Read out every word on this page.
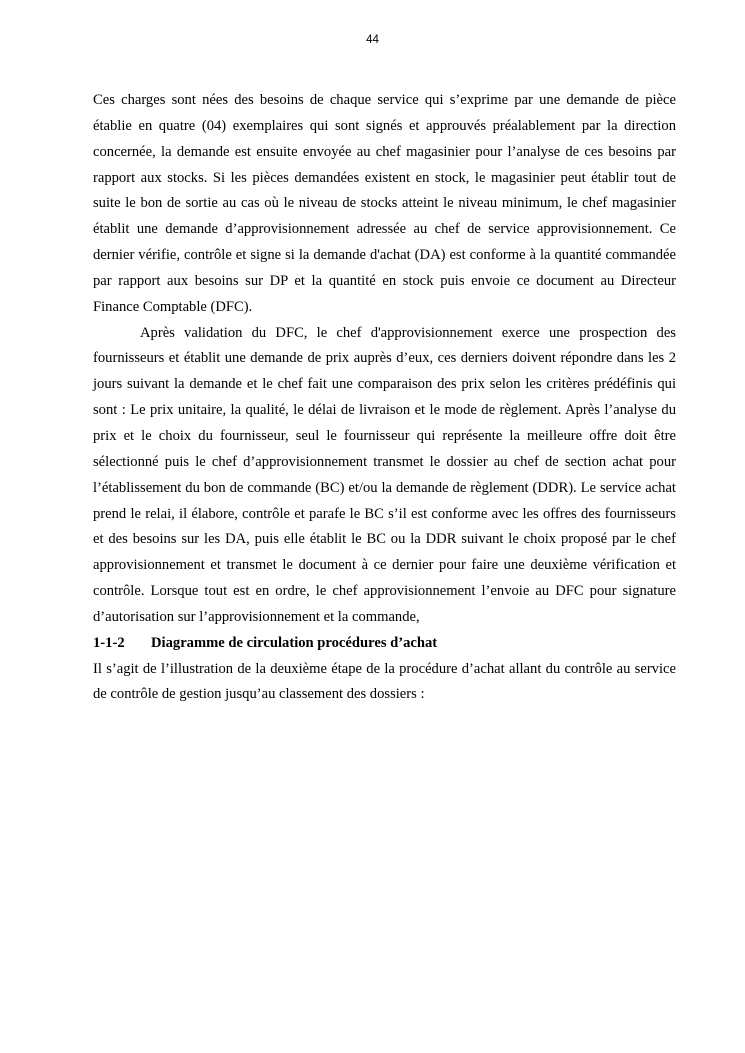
44

Ces charges sont nées des besoins de chaque service qui s’exprime par une demande de pièce établie en quatre (04) exemplaires qui sont signés et approuvés préalablement par la direction concernée, la demande est ensuite envoyée au chef magasinier pour l’analyse de ces besoins par rapport aux stocks. Si les pièces demandées existent en stock, le magasinier peut établir tout de suite le bon de sortie au cas où le niveau de stocks atteint le niveau minimum, le chef magasinier établit une demande d’approvisionnement adressée au chef de service approvisionnement. Ce dernier vérifie, contrôle et signe si la demande d'achat (DA) est conforme à la quantité commandée par rapport aux besoins sur DP et la quantité en stock puis envoie ce document au Directeur Finance Comptable (DFC).

Après validation du DFC, le chef d'approvisionnement exerce une prospection des fournisseurs et établit une demande de prix auprès d’eux, ces derniers doivent répondre dans les 2 jours suivant la demande et le chef fait une comparaison des prix selon les critères prédéfinis qui sont : Le prix unitaire, la qualité, le délai de livraison et le mode de règlement. Après l’analyse du prix et le choix du fournisseur, seul le fournisseur qui représente la meilleure offre doit être sélectionné puis le chef d’approvisionnement transmet le dossier au chef de section achat pour l’établissement du bon de commande (BC) et/ou la demande de règlement (DDR). Le service achat prend le relai, il élabore, contrôle et parafe le BC s’il est conforme avec les offres des fournisseurs et des besoins sur les DA, puis elle établit le BC ou la DDR suivant le choix proposé par le chef approvisionnement et transmet le document à ce dernier pour faire une deuxième vérification et contrôle. Lorsque tout est en ordre, le chef approvisionnement l’envoie au DFC pour signature d’autorisation sur l’approvisionnement et la commande,

1-1-2 Diagramme de circulation procédures d’achat

Il s’agit de l’illustration de la deuxième étape de la procédure d’achat allant du contrôle au service de contrôle de gestion jusqu’au classement des dossiers :
